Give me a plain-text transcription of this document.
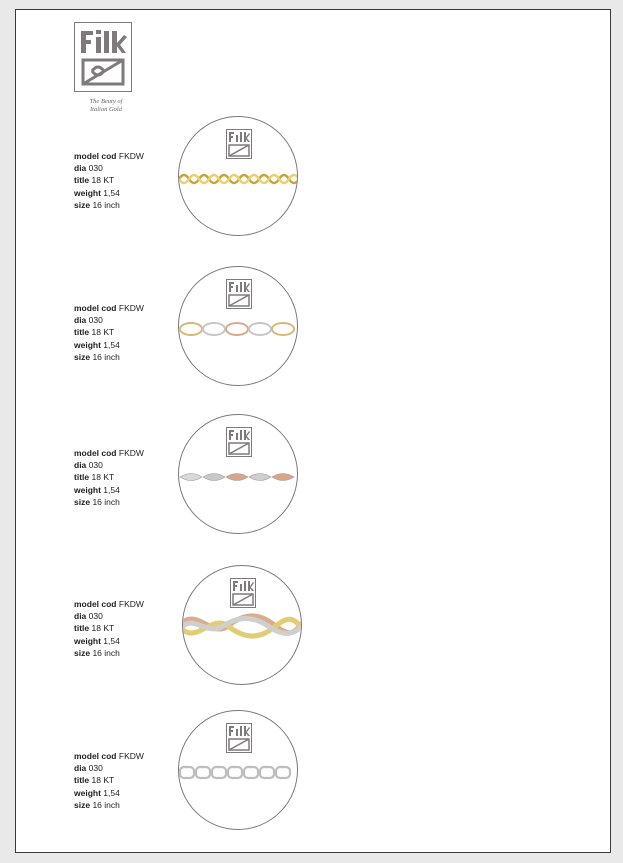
The Beuty of
Italian Gold
model cod FKDW
dia 030
title 18 KT
weight 1,54
size 16 inch
model cod FKDW
dia 030
title 18 KT
weight 1,54
size 16 inch
model cod FKDW
dia 030
title 18 KT
weight 1,54
size 16 inch
model cod FKDW
dia 030
title 18 KT
weight 1,54
size 16 inch
model cod FKDW
dia 030
title 18 KT
weight 1,54
size 16 inch
